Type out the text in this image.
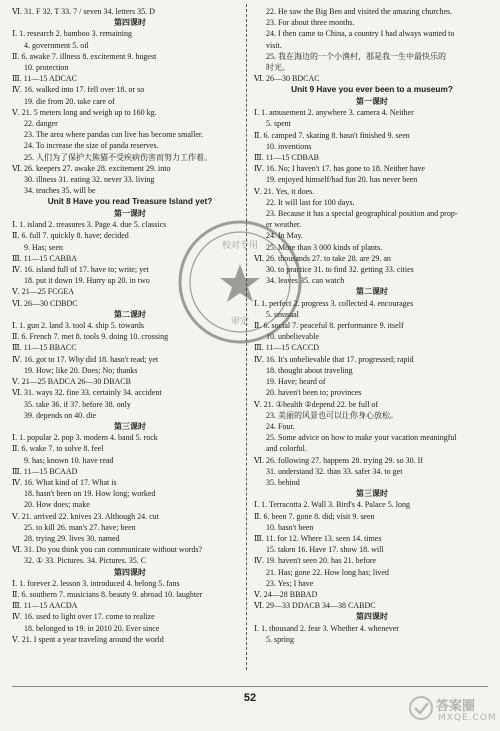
Ⅵ. 31. F 32. T 33. 7 / seven 34. letters 35. D
第四课时
Ⅰ. 1. research 2. bamboo 3. remaining
4. government 5. oil
Ⅱ. 6. awake 7. illness 8. excitement 9. hugest
10. protection
Ⅲ. 11—15 ADCAC
Ⅳ. 16. walked into 17. fell over 18. or so
19. die from 20. take care of
Ⅴ. 21. 5 meters long and weigh up to 160 kg.
22. danger
23. The area where pandas can live has become smaller.
24. To increase the size of panda reserves.
25. 人们为了保护大熊猫不受疾病伤害而努力工作着。
Ⅵ. 26. keepers 27. awake 28. excitement 29. into
30. illness 31. eating 32. never 33. living
34. teaches 35. will be
Unit 8 Have you read Treasure Island yet?
第一课时
Ⅰ. 1. island 2. treasures 3. Page 4. due 5. classics
Ⅱ. 6. full 7. quickly 8. have; decided
9. Has; seen
Ⅲ. 11—15 CABBA
Ⅳ. 16. island full of 17. have to; write; yet
18. put it down 19. Hurry up 20. in two
Ⅴ. 21—25 FCGEA
Ⅵ. 26—30 CDBDC
第二课时
Ⅰ. 1. gun 2. land 3. tool 4. ship 5. towards
Ⅱ. 6. French 7. met 8. tools 9. doing 10. crossing
Ⅲ. 11—15 BBACC
Ⅳ. 16. got to 17. Why did 18. hasn't read; yet
19. How; like 20. Does; No; thanks
Ⅴ. 21—25 BADCA 26—30 DBACB
Ⅵ. 31. ways 32. fine 33. certainly 34. accident
35. take 36. if 37. before 38. only
39. depends on 40. die
第三课时
Ⅰ. 1. popular 2. pop 3. modern 4. band 5. rock
Ⅱ. 6. wake 7. to solve 8. feel
9. has; known 10. have read
Ⅲ. 11—15 BCAAD
Ⅳ. 16. What kind of 17. What is
18. hasn't been on 19. How long; worked
20. How does; make
Ⅴ. 21. arrived 22. knives 23. Although 24. cut
25. to kill 26. man's 27. have; been
28. trying 29. lives 30. named
Ⅵ. 31. Do you think you can communicate without words?
32. ① 33. Pictures. 34. Pictures. 35. C
第四课时
Ⅰ. 1. forever 2. lesson 3. introduced 4. belong 5. fans
Ⅱ. 6. southern 7. musicians 8. beauty 9. abroad 10. laughter
Ⅲ. 11—15 AACDA
Ⅳ. 16. used to light over 17. come to realize
18. belonged to 19. in 2010 20. Ever since
Ⅴ. 21. I spent a year traveling around the world
22. He saw the Big Ben and visited the amazing churches.
23. For about three months.
24. I then came to China, a country I had always wanted to
visit.
25. 我在海边的一个小渔村，那是我一生中最快乐的
时光。
Ⅵ. 26—30 BDCAC
Unit 9 Have you ever been to a museum?
第一课时
Ⅰ. 1. amusement 2. anywhere 3. camera 4. Neither
5. spent
Ⅱ. 6. camped 7. skating 8. hasn't finished 9. seen
10. inventions
Ⅲ. 11—15 CDBAB
Ⅳ. 16. No; I haven't 17. has gone to 18. Neither have
19. enjoyed himself/had fun 20. has never been
Ⅴ. 21. Yes, it does.
22. It will last for 100 days.
23. Because it has a special geographical position and prop-
er weather.
24. In May.
25. More than 3 000 kinds of plants.
Ⅵ. 26. thousands 27. to take 28. are 29. an
30. to practice 31. to find 32. getting 33. cities
34. leaves 35. can watch
第二课时
Ⅰ. 1. perfect 2. progress 3. collected 4. encourages
5. unusual
Ⅱ. 6. social 7. peaceful 8. performance 9. itself
10. unbelievable
Ⅲ. 11—15 CACCD
Ⅳ. 16. It's unbelievable that 17. progressed; rapid
18. thought about traveling
19. Have; heard of
20. haven't been to; provinces
Ⅴ. 21. ①health ②depend 22. be full of
23. 美丽的风景也可以让你身心放松。
24. Four.
25. Some advice on how to make your vacation meaningful
and colorful.
Ⅵ. 26. following 27. happens 28. trying 29. so 30. If
31. understand 32. than 33. safer 34. to get
35. behind
第三课时
Ⅰ. 1. Terracotta 2. Wall 3. Bird's 4. Palace 5. long
Ⅱ. 6. been 7. gone 8. did; visit 9. seen
10. hasn't been
Ⅲ. 11. for 12. Where 13. seen 14. times
15. taken 16. Have 17. show 18. will
Ⅳ. 19. haven't seen 20. has 21. before
21. Has; gone 22. How long has; lived
23. Yes; I have
Ⅴ. 24—28 BBBAD
Ⅵ. 29—33 DDACB 34—38 CABDC
第四课时
Ⅰ. 1. thousand 2. fear 3. Whether 4. whenever
5. spring
校对专用
审定
52
答案圈
MXQE.COM
